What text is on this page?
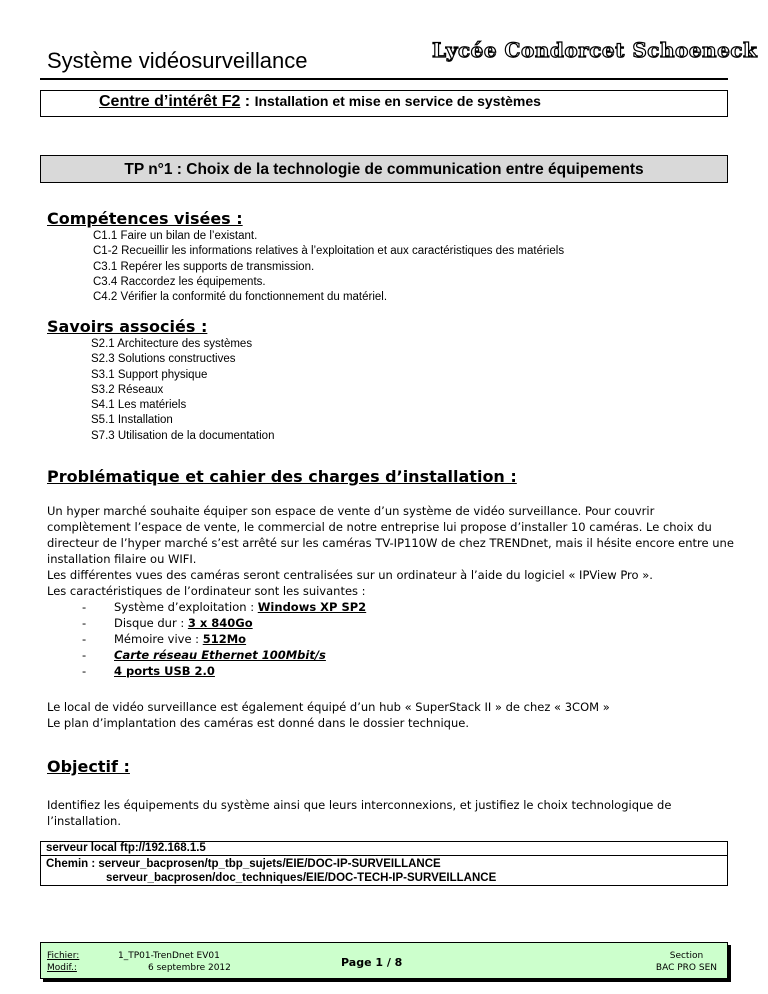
Système vidéosurveillance	Lycée Condorcet Schoeneck
Centre d’intérêt F2 : Installation et mise en service de systèmes
TP n°1 : Choix de la technologie de communication entre équipements
Compétences visées :
C1.1 Faire un bilan de l’existant.
C1-2 Recueillir les informations relatives à l’exploitation et aux caractéristiques des matériels
C3.1 Repérer les supports de transmission.
C3.4 Raccordez les équipements.
C4.2 Vérifier la conformité du fonctionnement du matériel.
Savoirs associés :
S2.1 Architecture des systèmes
S2.3 Solutions constructives
S3.1 Support physique
S3.2 Réseaux
S4.1 Les matériels
S5.1 Installation
S7.3 Utilisation de la documentation
Problématique et cahier des charges d’installation :
Un hyper marché souhaite équiper son espace de vente d’un système de vidéo surveillance. Pour couvrir complètement l’espace de vente, le commercial de notre entreprise lui propose d’installer 10 caméras. Le choix du directeur de l’hyper marché s’est arrêté sur les caméras TV-IP110W de chez TRENDnet, mais il hésite encore entre une installation filaire ou WIFI.
Les différentes vues des caméras seront centralisées sur un ordinateur à l’aide du logiciel « IPView Pro ».
Les caractéristiques de l’ordinateur sont les suivantes :
- Système d’exploitation : Windows XP SP2
- Disque dur : 3 x 840Go
- Mémoire vive : 512Mo
- Carte réseau Ethernet 100Mbit/s
- 4 ports USB 2.0
Le local de vidéo surveillance est également équipé d’un hub « SuperStack II » de chez « 3COM »
Le plan d’implantation des caméras est donné dans le dossier technique.
Objectif :
Identifiez les équipements du système ainsi que leurs interconnexions, et justifiez le choix technologique de l’installation.
serveur local ftp://192.168.1.5
Chemin : serveur_bacprosen/tp_tbp_sujets/EIE/DOC-IP-SURVEILLANCE
serveur_bacprosen/doc_techniques/EIE/DOC-TECH-IP-SURVEILLANCE
Fichier:
Modif.:
1_TP01-TrenDnet EV01
6 septembre 2012	Page 1 / 8	Section
BAC PRO SEN
